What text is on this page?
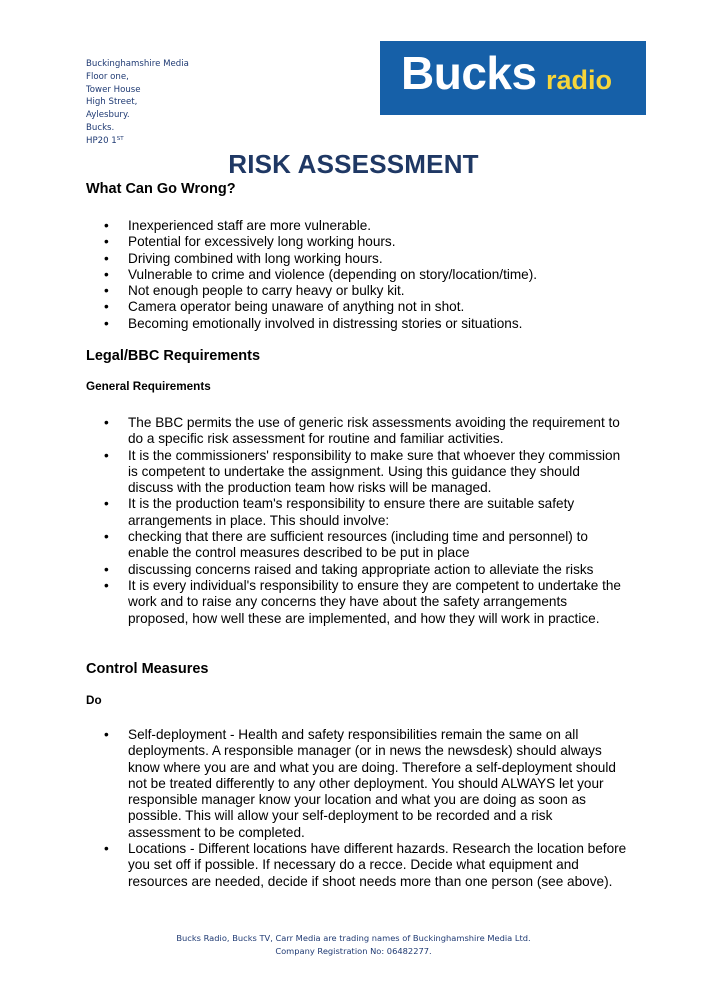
Buckinghamshire Media
Floor one,
Tower House
High Street,
Aylesbury.
Bucks.
HP20 1ST
Bucks radio
RISK ASSESSMENT
What Can Go Wrong?
• Inexperienced staff are more vulnerable.
• Potential for excessively long working hours.
• Driving combined with long working hours.
• Vulnerable to crime and violence (depending on story/location/time).
• Not enough people to carry heavy or bulky kit.
• Camera operator being unaware of anything not in shot.
• Becoming emotionally involved in distressing stories or situations.
Legal/BBC Requirements
General Requirements
• The BBC permits the use of generic risk assessments avoiding the requirement to do a specific risk assessment for routine and familiar activities.
• It is the commissioners' responsibility to make sure that whoever they commission is competent to undertake the assignment. Using this guidance they should discuss with the production team how risks will be managed.
• It is the production team's responsibility to ensure there are suitable safety arrangements in place. This should involve:
• checking that there are sufficient resources (including time and personnel) to enable the control measures described to be put in place
• discussing concerns raised and taking appropriate action to alleviate the risks
• It is every individual's responsibility to ensure they are competent to undertake the work and to raise any concerns they have about the safety arrangements proposed, how well these are implemented, and how they will work in practice.
Control Measures
Do
• Self-deployment - Health and safety responsibilities remain the same on all deployments. A responsible manager (or in news the newsdesk) should always know where you are and what you are doing. Therefore a self-deployment should not be treated differently to any other deployment. You should ALWAYS let your responsible manager know your location and what you are doing as soon as possible. This will allow your self-deployment to be recorded and a risk assessment to be completed.
• Locations - Different locations have different hazards. Research the location before you set off if possible. If necessary do a recce. Decide what equipment and resources are needed, decide if shoot needs more than one person (see above).
Bucks Radio, Bucks TV, Carr Media are trading names of Buckinghamshire Media Ltd.
Company Registration No: 06482277.
